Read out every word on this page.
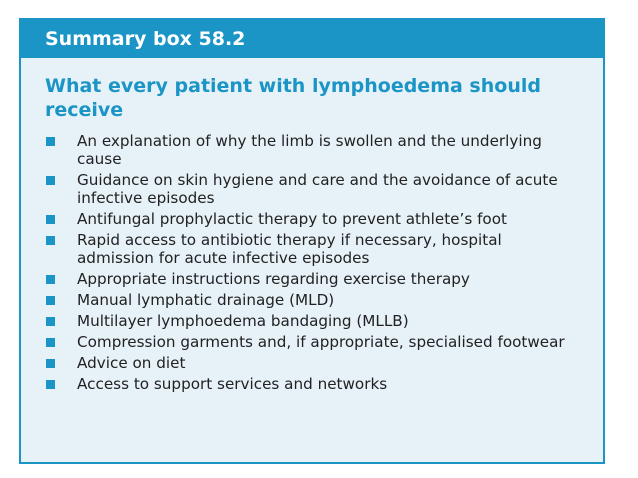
Summary box 58.2
What every patient with lymphoedema should receive
An explanation of why the limb is swollen and the underlying cause
Guidance on skin hygiene and care and the avoidance of acute infective episodes
Antifungal prophylactic therapy to prevent athlete’s foot
Rapid access to antibiotic therapy if necessary, hospital admission for acute infective episodes
Appropriate instructions regarding exercise therapy
Manual lymphatic drainage (MLD)
Multilayer lymphoedema bandaging (MLLB)
Compression garments and, if appropriate, specialised footwear
Advice on diet
Access to support services and networks
